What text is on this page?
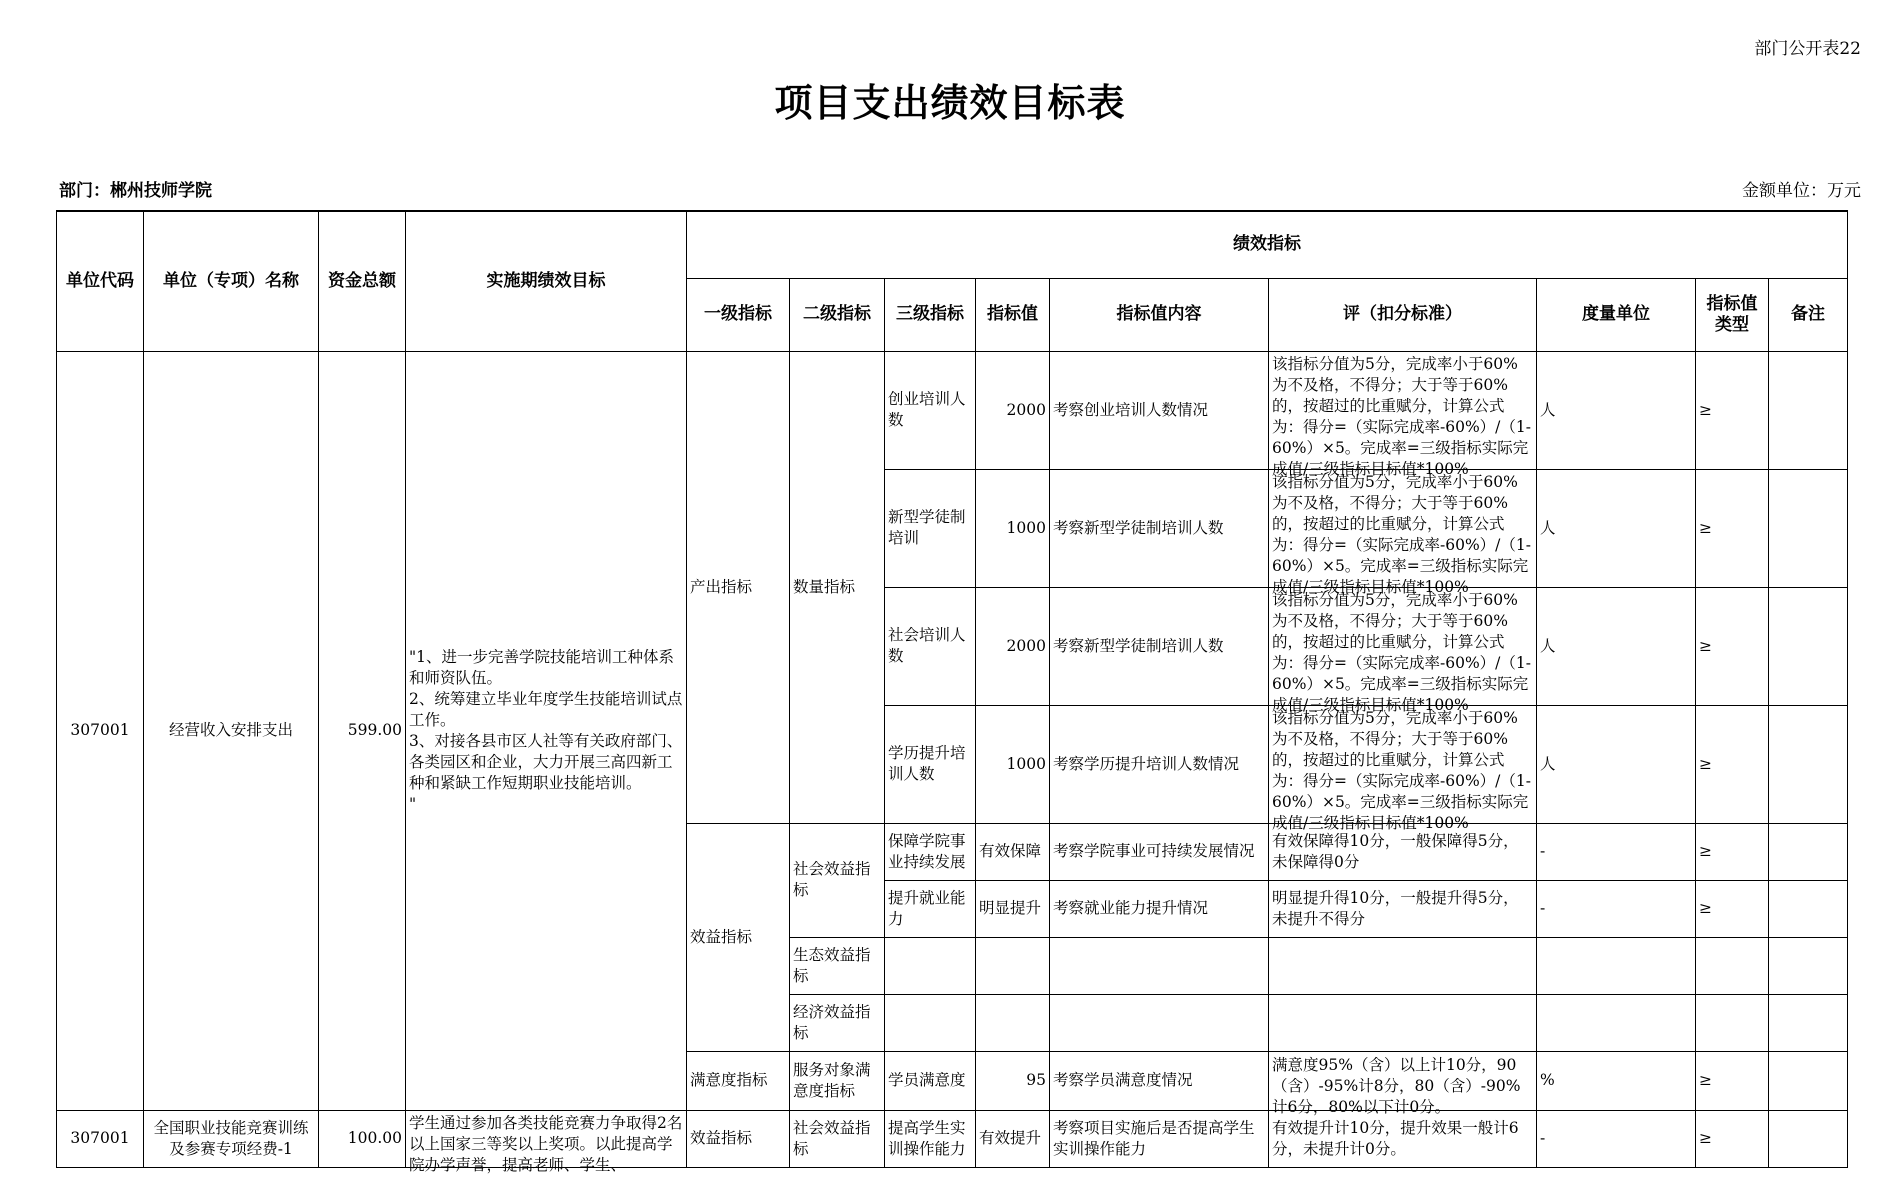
部门公开表22
项目支出绩效目标表
部门：郴州技师学院	金额单位：万元
单位代码	单位（专项）名称	资金总额	实施期绩效目标	绩效指标								
				一级指标	二级指标	三级指标	指标值	指标值内容	评（扣分标准）	度量单位	指标值类型	备注
307001	经营收入安排支出	599.00	"1、进一步完善学院技能培训工种体系和师资队伍。
2、统筹建立毕业年度学生技能培训试点工作。
3、对接各县市区人社等有关政府部门、各类园区和企业，大力开展三高四新工种和紧缺工作短期职业技能培训。
"	产出指标	数量指标	创业培训人数	2000	考察创业培训人数情况	该指标分值为5分，完成率小于60%为不及格，不得分；大于等于60%的，按超过的比重赋分，计算公式为：得分=（实际完成率-60%）/（1-60%）×5。完成率=三级指标实际完成值/三级指标目标值*100%	人	≥	
						新型学徒制培训	1000	考察新型学徒制培训人数	该指标分值为5分，完成率小于60%为不及格，不得分；大于等于60%的，按超过的比重赋分，计算公式为：得分=（实际完成率-60%）/（1-60%）×5。完成率=三级指标实际完成值/三级指标目标值*100%	人	≥	
						社会培训人数	2000	考察新型学徒制培训人数	该指标分值为5分，完成率小于60%为不及格，不得分；大于等于60%的，按超过的比重赋分，计算公式为：得分=（实际完成率-60%）/（1-60%）×5。完成率=三级指标实际完成值/三级指标目标值*100%	人	≥	
						学历提升培训人数	1000	考察学历提升培训人数情况	该指标分值为5分，完成率小于60%为不及格，不得分；大于等于60%的，按超过的比重赋分，计算公式为：得分=（实际完成率-60%）/（1-60%）×5。完成率=三级指标实际完成值/三级指标目标值*100%	人	≥	
				效益指标	社会效益指标	保障学院事业持续发展	有效保障	考察学院事业可持续发展情况	有效保障得10分，一般保障得5分，未保障得0分	-	≥	
						提升就业能力	明显提升	考察就业能力提升情况	明显提升得10分，一般提升得5分，未提升不得分	-	≥	
					生态效益指标							
					经济效益指标							
				满意度指标	服务对象满意度指标	学员满意度	95	考察学员满意度情况	满意度95%（含）以上计10分，90（含）-95%计8分，80（含）-90%计6分，80%以下计0分。	%	≥	
307001	全国职业技能竞赛训练及参赛专项经费-1	100.00	学生通过参加各类技能竞赛力争取得2名以上国家三等奖以上奖项。以此提高学院办学声誉，提高老师、学生、	效益指标	社会效益指标	提高学生实训操作能力	有效提升	考察项目实施后是否提高学生实训操作能力	有效提升计10分，提升效果一般计6分，未提升计0分。	-	≥	
